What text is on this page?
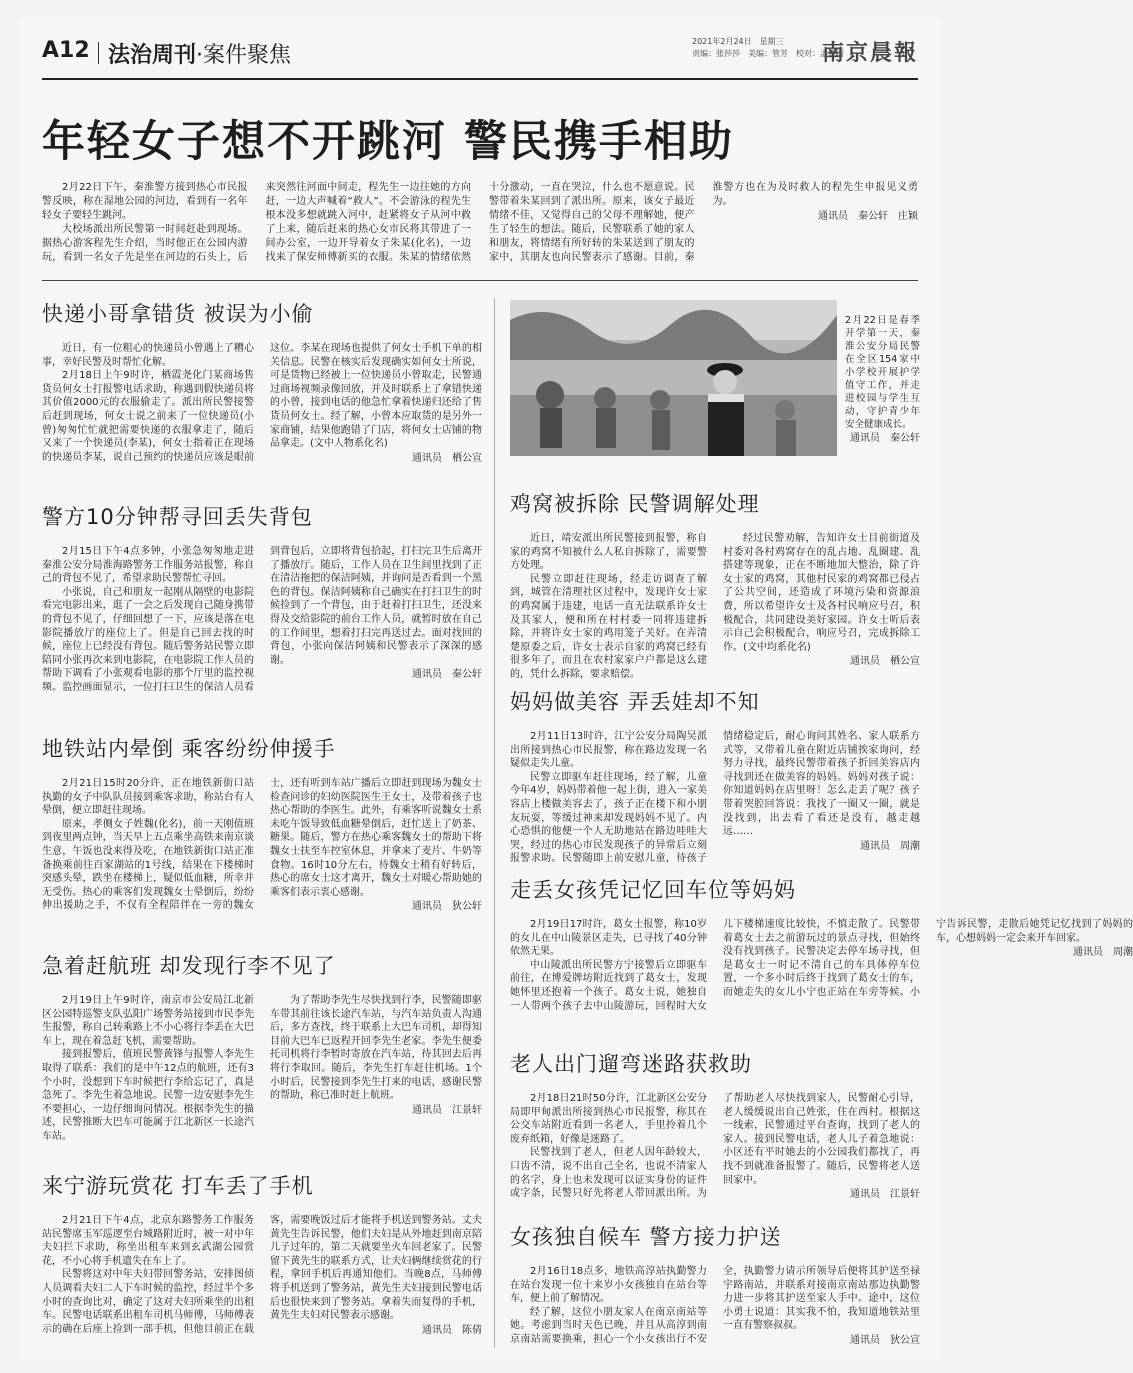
A12 法治周刊·案件聚焦
2021年2月24日　星期三
责编：张莎莎　美编：管芳　校对：孟德清
南京晨報
年轻女子想不开跳河 警民携手相助

2月22日下午，秦淮警方接到热心市民报警反映，称在湿地公园的河边，看到有一名年轻女子要轻生跳河。

大校场派出所民警第一时间赶赴到现场。据热心游客程先生介绍，当时他正在公园内游玩，看到一名女子先是坐在河边的石头上，后来突然往河面中间走，程先生一边往她的方向赶，一边大声喊着“救人”。不会游泳的程先生根本没多想就跳入河中，赶紧将女子从河中救了上来，随后赶来的热心女市民将其带进了一间办公室，一边开导着女子朱某(化名)，一边找来了保安师傅新买的衣服。朱某的情绪依然十分激动，一直在哭泣，什么也不愿意说。民警带着朱某回到了派出所。原来，该女子最近情绪不佳，又觉得自己的父母不理解她，便产生了轻生的想法。随后，民警联系了她的家人和朋友，将情绪有所好转的朱某送到了朋友的家中，其朋友也向民警表示了感谢。目前，秦淮警方也在为及时救人的程先生申报见义勇为。

通讯员　秦公轩　庄颖
快递小哥拿错货 被误为小偷

近日，有一位粗心的快递员小曾遇上了糟心事，幸好民警及时帮忙化解。

2月18日上午9时许，栖霞尧化门某商场售货员何女士打报警电话求助，称遇到假快递员将其价值2000元的衣服偷走了。派出所民警接警后赶到现场，何女士说之前来了一位快递员(小曾)匆匆忙忙就把需要快递的衣服拿走了，随后又来了一个快递员(李某)，何女士指着正在现场的快递员李某，说自己预约的快递员应该是眼前这位。李某在现场也提供了何女士手机下单的相关信息。民警在核实后发现确实如何女士所说，可是货物已经被上一位快递员小曾取走，民警通过商场视频录像回放，并及时联系上了拿错快递的小曾，接到电话的他急忙拿着快递归还给了售货员何女士。经了解，小曾本应取货的是另外一家商铺，结果他跑错了门店，将何女士店铺的物品拿走。(文中人物系化名)

通讯员　栖公宣
警方10分钟帮寻回丢失背包

2月15日下午4点多钟，小张急匆匆地走进秦淮公安分局淮海路警务工作服务站报警，称自己的背包不见了，希望求助民警帮忙寻回。

小张说，自己和朋友一起刚从隔壁的电影院看完电影出来，逛了一会之后发现自己随身携带的背包不见了，仔细回想了一下，应该是落在电影院播放厅的座位上了。但是自己回去找的时候，座位上已经没有背包。随后警务站民警立即陪同小张再次来到电影院，在电影院工作人员的帮助下调看了小张观看电影的那个厅里的监控视频。监控画面显示，一位打扫卫生的保洁人员看到背包后，立即将背包拾起，打扫完卫生后离开了播放厅。随后，工作人员在卫生间里找到了正在清洁拖把的保洁阿姨，并询问是否看到一个黑色的背包。保洁阿姨称自己确实在打扫卫生的时候捡到了一个背包，由于赶着打扫卫生，还没来得及交给影院的前台工作人员，就暂时放在自己的工作间里，想着打扫完再送过去。面对找回的背包，小张向保洁阿姨和民警表示了深深的感谢。

通讯员　秦公轩
地铁站内晕倒 乘客纷纷伸援手

2月21日15时20分许，正在地铁新街口站执勤的女子中队队员接到乘客求助，称站台有人晕倒，便立即赶往现场。

原来，孝侧女子姓魏(化名)，前一天刚值班到夜里两点钟，当天早上五点乘坐高铁来南京谈生意，午饭也没来得及吃，在地铁新街口站正准备换乘前往百家湖站的1号线，结果在下楼梯时突感头晕，跌坐在楼梯上，疑似低血糖，所幸并无受伤。热心的乘客们发现魏女士晕倒后，纷纷伸出援助之手，不仅有全程陪伴在一旁的魏女士，还有听到车站广播后立即赶到现场为魏女士检查问诊的妇幼医院医生王女士，及带着孩子也热心帮助的李医生。此外，有乘客听说魏女士系未吃午饭导致低血糖晕倒后，赶忙送上了奶茶、糖果。随后，警方在热心乘客魏女士的帮助下将魏女士扶至车控室休息，并拿来了麦片、牛奶等食物。16时10分左右，待魏女士稍有好转后，热心的席女士这才离开，魏女士对暖心帮助她的乘客们表示衷心感谢。

通讯员　狄公轩
急着赶航班 却发现行李不见了

2月19日上午9时许，南京市公安局江北新区公园特巡警支队弘阳广场警务站接到市民李先生报警，称自己转乘路上不小心将行李丢在大巴车上，现在着急赶飞机，需要帮助。

接到报警后，值班民警黄锋与报警人李先生取得了联系：我们的是中午12点的航班，还有3个小时，没想到下车时候把行李给忘记了，真是急死了。李先生着急地说。民警一边安慰李先生不要担心，一边仔细询问情况。根据李先生的描述，民警推断大巴车可能属于江北新区一长途汽车站。

为了帮助李先生尽快找到行李，民警随即驱车带其前往该长途汽车站，与汽车站负责人沟通后，多方查找，终于联系上大巴车司机，却得知目前大巴车已返程开回李先生老家。李先生便委托司机将行李暂时寄放在汽车站，待其回去后再将行李取回。随后，李先生打车赶往机场。1个小时后，民警接到李先生打来的电话，感谢民警的帮助，称已准时赶上航班。

通讯员　江景轩
来宁游玩赏花 打车丢了手机

2月21日下午4点，北京东路警务工作服务站民警席玉军巡逻至台城路附近时，被一对中年夫妇拦下求助，称坐出租车来到玄武湖公园赏花，不小心将手机遗失在车上了。

民警将这对中年夫妇带回警务站，安排图侦人员调看夫妇二人下车时候的监控，经过半个多小时的查询比对，确定了这对夫妇所乘坐的出租车。民警电话联系出租车司机马师傅，马师傅表示的确在后座上捡到一部手机，但他目前正在载客，需要晚饭过后才能将手机送到警务站。丈夫黄先生告诉民警，他们夫妇是从外地赶到南京陪儿子过年的，第二天就要坐火车回老家了。民警留下黄先生的联系方式，让夫妇俩继续赏花的行程，拿回手机后再通知他们。当晚8点，马师傅将手机送到了警务站，黄先生夫妇接到民警电话后也很快来到了警务站。拿着失而复得的手机，黄先生夫妇对民警表示感谢。

通讯员　陈倩
2月22日是春季开学第一天，秦淮公安分局民警在全区154家中小学校开展护学值守工作，并走进校园与学生互动，守护青少年安全健康成长。
通讯员　秦公轩
鸡窝被拆除 民警调解处理

近日，靖安派出所民警接到报警，称自家的鸡窝不知被什么人私自拆除了，需要警方处理。

民警立即赶往现场，经走访调查了解到，城管在清理社区过程中，发现许女士家的鸡窝属于违建，电话一直无法联系许女士及其家人，便和所在村村委一同将违建拆除，并将许女士家的鸡用笼子关好。在弄清楚原委之后，许女士表示自家的鸡窝已经有很多年了，而且在农村家家户户都是这么建的，凭什么拆除，要求赔偿。

经过民警劝解，告知许女士目前街道及村委对各村鸡窝存在的乱占地、乱圈建、乱搭建等现象，正在不断地加大整治，除了许女士家的鸡窝，其他村民家的鸡窝都已侵占了公共空间，还造成了环境污染和资源浪费，所以希望许女士及各村民响应号召，积极配合，共同建设美好家园。许女士听后表示自己会积极配合，响应号召，完成拆除工作。(文中均系化名)

通讯员　栖公宣
妈妈做美容 弄丢娃却不知

2月11日13时许，江宁公安分局陶吴派出所接到热心市民报警，称在路边发现一名疑似走失儿童。

民警立即驱车赶往现场，经了解，儿童今年4岁，妈妈带着他一起上街，进入一家美容店上楼做美容去了，孩子正在楼下和小朋友玩耍，等缓过神来却发现妈妈不见了。内心恐惧的他便一个人无助地站在路边哇哇大哭，经过的热心市民发现孩子的异常后立刻报警求助。民警随即上前安慰儿童，待孩子情绪稳定后，耐心询问其姓名、家人联系方式等，又带着儿童在附近店铺挨家询问，经努力寻找，最终民警带着孩子折回美容店内寻找到还在做美容的妈妈。妈妈对孩子说：你知道妈妈在店里呀！怎么走丢了呢？孩子带着哭腔回答说：我找了一圈又一圈，就是没找到，出去看了看还是没有，越走越远……

通讯员　周潮
走丢女孩凭记忆回车位等妈妈

2月19日17时许，葛女士报警，称10岁的女儿在中山陵景区走失，已寻找了40分钟依然无果。

中山陵派出所民警方宁接警后立即驱车前往，在博爱牌坊附近找到了葛女士，发现她怀里还抱着一个孩子。葛女士说，她独自一人带两个孩子去中山陵游玩，回程时大女儿下楼梯速度比较快，不慎走散了。民警带着葛女士去之前游玩过的景点寻找，但始终没有找到孩子。民警决定去停车场寻找，但是葛女士一时记不清自己的车具体停车位置，一个多小时后终于找到了葛女士的车，而她走失的女儿小宁也正站在车旁等候。小宁告诉民警，走散后她凭记忆找到了妈妈的车，心想妈妈一定会来开车回家。

通讯员　周潮
老人出门遛弯迷路获救助

2月18日21时50分许，江北新区公安分局即甲甸派出所接到热心市民报警，称其在公交车站附近看到一名老人，手里拎着几个废弃纸箱，好像是迷路了。

民警找到了老人，但老人因年龄较大，口齿不清，说不出自己全名，也说不清家人的名字，身上也未发现可以证实身份的证件或字条，民警只好先将老人带回派出所。为了帮助老人尽快找到家人，民警耐心引导，老人缓缓说出自己姓张，住在西村。根据这一线索，民警通过平台查询，找到了老人的家人。接到民警电话，老人儿子着急地说：小区还有平时她去的小公园我们都找了，再找不到就准备报警了。随后，民警将老人送回家中。

通讯员　江景轩
女孩独自候车 警方接力护送

2月16日18点多，地铁高淳站执勤警力在站台发现一位十来岁小女孩独自在站台等车，便上前了解情况。

经了解，这位小朋友家人在南京南站等她。考虑到当时天色已晚，并且从高淳到南京南站需要换乘，担心一个小女孩出行不安全，执勤警力请示所领导后便将其护送至禄宇路南站，并联系对接南京南站那边执勤警力进一步将其护送至家人手中。途中，这位小勇士说道：其实我不怕，我知道地铁站里一直有警察叔叔。

通讯员　狄公宣
